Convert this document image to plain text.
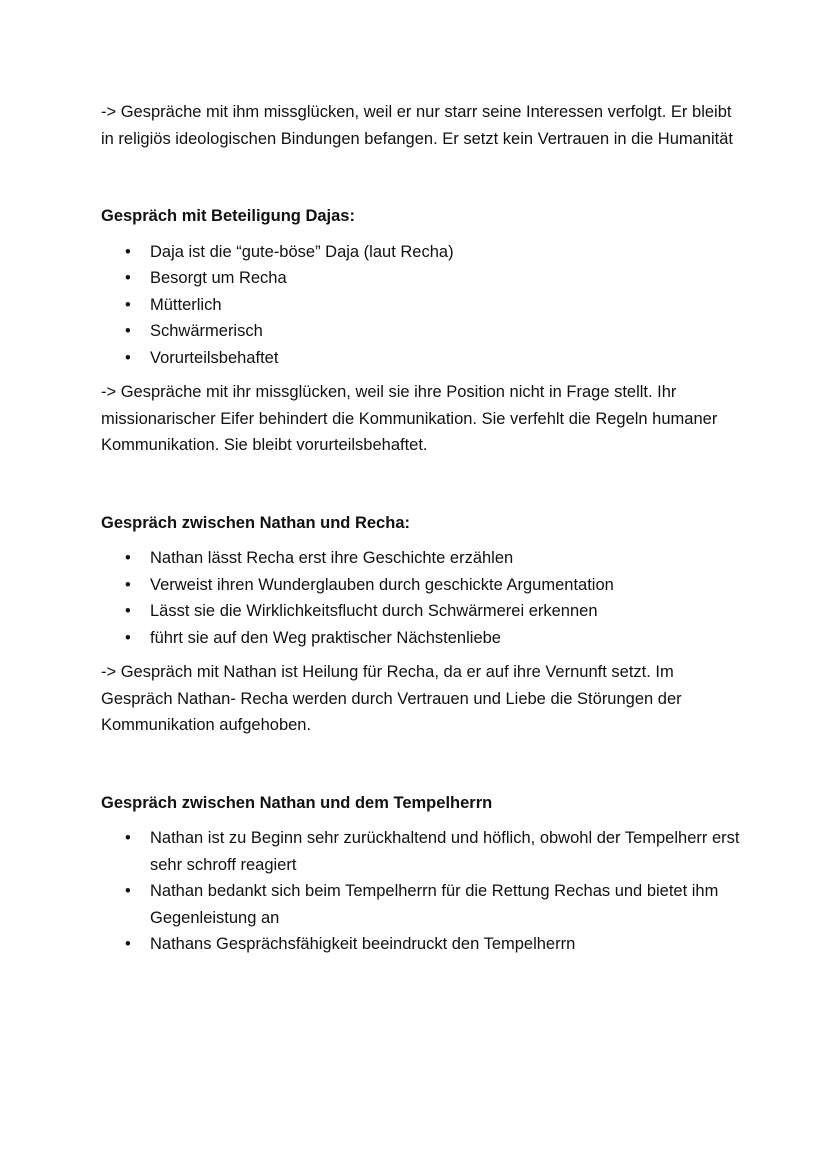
-> Gespräche mit ihm missglücken, weil er nur starr seine Interessen verfolgt. Er bleibt in religiös ideologischen Bindungen befangen. Er setzt kein Vertrauen in die Humanität

Gespräch mit Beteiligung Dajas:

• Daja ist die “gute-böse” Daja (laut Recha)
• Besorgt um Recha
• Mütterlich
• Schwärmerisch
• Vorurteilsbehaftet

-> Gespräche mit ihr missglücken, weil sie ihre Position nicht in Frage stellt. Ihr missionarischer Eifer behindert die Kommunikation. Sie verfehlt die Regeln humaner Kommunikation. Sie bleibt vorurteilsbehaftet.

Gespräch zwischen Nathan und Recha:

• Nathan lässt Recha erst ihre Geschichte erzählen
• Verweist ihren Wunderglauben durch geschickte Argumentation
• Lässt sie die Wirklichkeitsflucht durch Schwärmerei erkennen
• führt sie auf den Weg praktischer Nächstenliebe

-> Gespräch mit Nathan ist Heilung für Recha, da er auf ihre Vernunft setzt. Im Gespräch Nathan- Recha werden durch Vertrauen und Liebe die Störungen der Kommunikation aufgehoben.

Gespräch zwischen Nathan und dem Tempelherrn

• Nathan ist zu Beginn sehr zurückhaltend und höflich, obwohl der Tempelherr erst sehr schroff reagiert
• Nathan bedankt sich beim Tempelherrn für die Rettung Rechas und bietet ihm Gegenleistung an
• Nathans Gesprächsfähigkeit beeindruckt den Tempelherrn
